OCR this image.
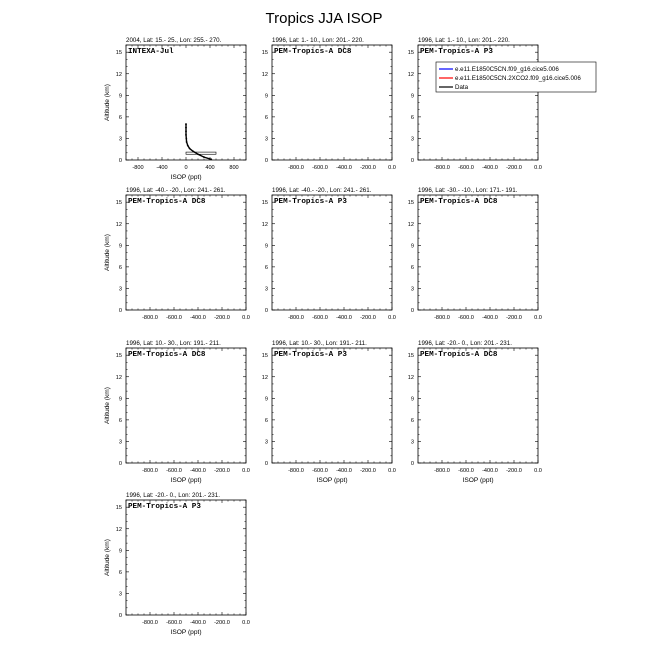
Tropics JJA ISOP
2004, Lat: 15.- 25., Lon: 255.- 270.
INTEXA-Jul
0
3
6
9
12
15
-800 -400	0	400	800
ISOP (ppt)
Altitude (km)
1996, Lat: 1.- 10., Lon: 201.- 220.
PEM-Tropics-A DC8
0
3
6
9
12
15
-800.0 -600.0 -400.0 -200.0 0.0
1996, Lat: 1.- 10., Lon: 201.- 220.
PEM-Tropics-A P3
0
3
6
9
12
15
-800.0 -600.0 -400.0 -200.0 0.0
1996, Lat: -40.- -20., Lon: 241.- 261.
PEM-Tropics-A DC8
0
3
6
9
12
15
-800.0 -600.0 -400.0 -200.0 0.0
Altitude (km)
1996, Lat: -40.- -20., Lon: 241.- 261.
PEM-Tropics-A P3
0
3
6
9
12
15
-800.0 -600.0 -400.0 -200.0 0.0
1996, Lat: -30.- -10., Lon: 171.- 191.
PEM-Tropics-A DC8
0
3
6
9
12
15
-800.0 -600.0 -400.0 -200.0 0.0
1996, Lat: 10.- 30., Lon: 191.- 211.
PEM-Tropics-A DC8
0
3
6
9
12
15
-800.0 -600.0 -400.0 -200.0 0.0
ISOP (ppt)
Altitude (km)
1996, Lat: 10.- 30., Lon: 191.- 211.
PEM-Tropics-A P3
0
3
6
9
12
15
-800.0 -600.0 -400.0 -200.0 0.0
ISOP (ppt)
1996, Lat: -20.- 0., Lon: 201.- 231.
PEM-Tropics-A DC8
0
3
6
9
12
15
-800.0 -600.0 -400.0 -200.0 0.0
ISOP (ppt)
1996, Lat: -20.- 0., Lon: 201.- 231.
PEM-Tropics-A P3
0
3
6
9
12
15
-800.0 -600.0 -400.0 -200.0 0.0
ISOP (ppt)
Altitude (km)
e.e11.E1850C5CN.f09_g16.cice5.006
e.e11.E1850C5CN.2XCO2.f09_g16.cice5.006
Data
